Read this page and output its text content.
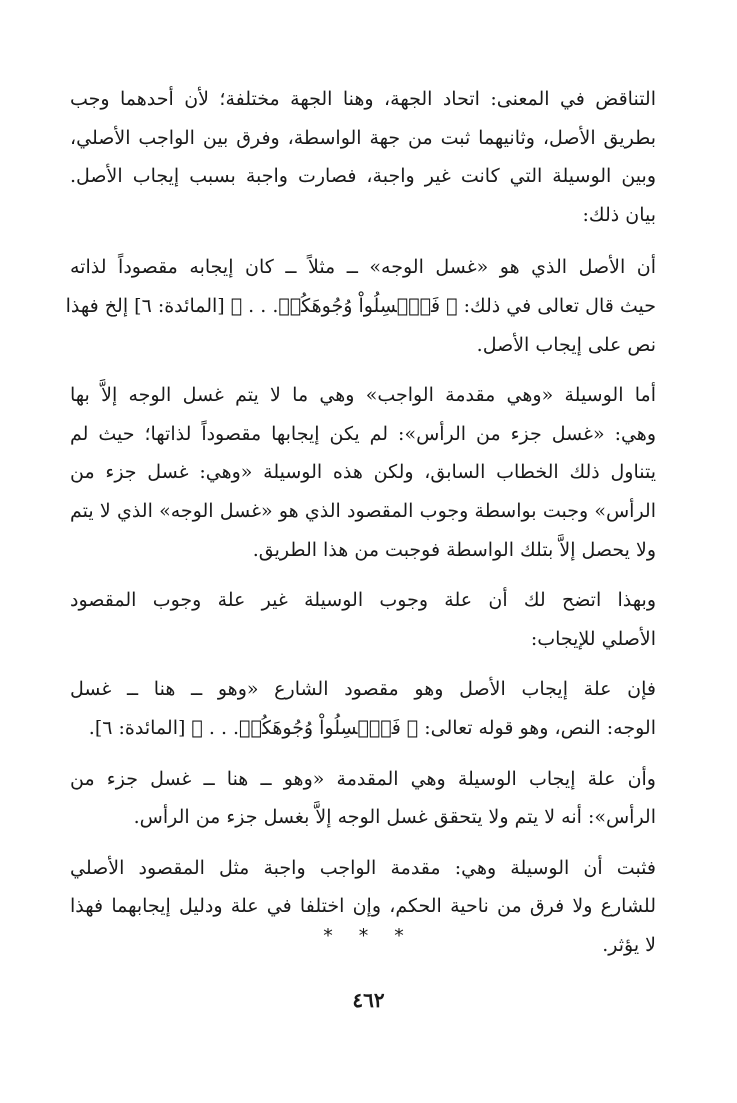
التناقض في المعنى: اتحاد الجهة، وهنا الجهة مختلفة؛ لأن أحدهما وجب
بطريق الأصل، وثانيهما ثبت من جهة الواسطة، وفرق بين الواجب الأصلي،
وبين الوسيلة التي كانت غير واجبة، فصارت واجبة بسبب إيجاب الأصل.
بيان ذلك:

أن الأصل الذي هو «غسل الوجه» ــ مثلاً ــ كان إيجابه مقصوداً لذاته
حيث قال تعالى في ذلك: ﴿ فَٱغۡسِلُواْ وُجُوهَكُمۡ. . . ﴾ [المائدة: ٦] إلخ فهذا
نص على إيجاب الأصل.

أما الوسيلة «وهي مقدمة الواجب» وهي ما لا يتم غسل الوجه إلاَّ بها
وهي: «غسل جزء من الرأس»: لم يكن إيجابها مقصوداً لذاتها؛ حيث لم
يتناول ذلك الخطاب السابق، ولكن هذه الوسيلة «وهي: غسل جزء من
الرأس» وجبت بواسطة وجوب المقصود الذي هو «غسل الوجه» الذي لا يتم
ولا يحصل إلاَّ بتلك الواسطة فوجبت من هذا الطريق.

وبهذا اتضح لك أن علة وجوب الوسيلة غير علة وجوب المقصود
الأصلي للإيجاب:

فإن علة إيجاب الأصل وهو مقصود الشارع «وهو ــ هنا ــ غسل
الوجه: النص، وهو قوله تعالى: ﴿ فَٱغۡسِلُواْ وُجُوهَكُمۡ. . . ﴾ [المائدة: ٦].

وأن علة إيجاب الوسيلة وهي المقدمة «وهو ــ هنا ــ غسل جزء من
الرأس»: أنه لا يتم ولا يتحقق غسل الوجه إلاَّ بغسل جزء من الرأس.

فثبت أن الوسيلة وهي: مقدمة الواجب واجبة مثل المقصود الأصلي
للشارع ولا فرق من ناحية الحكم، وإن اختلفا في علة ودليل إيجابهما فهذا
لا يؤثر.

* * *
٤٦٢
